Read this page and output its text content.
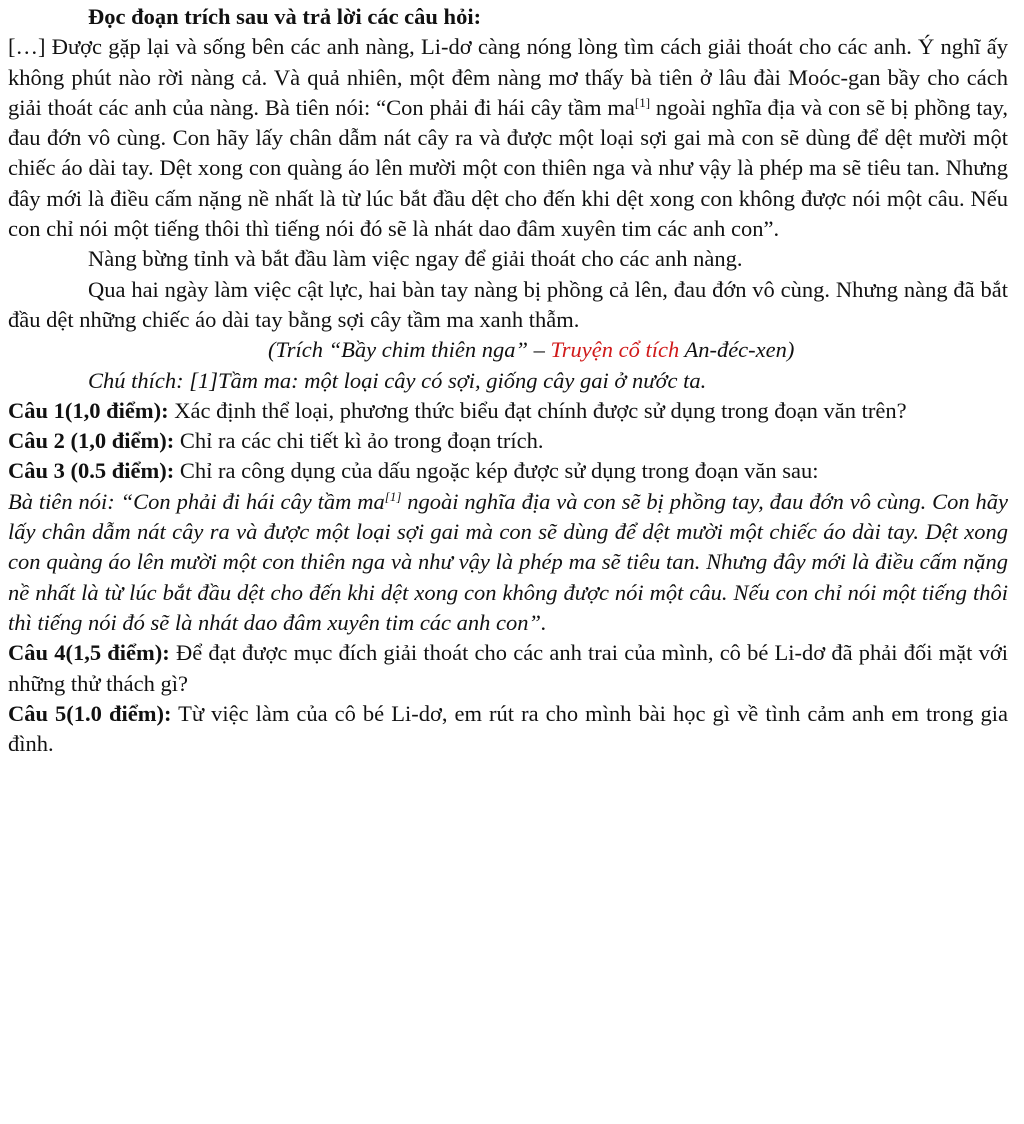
Đọc đoạn trích sau và trả lời các câu hỏi:

[…] Được gặp lại và sống bên các anh nàng, Li-dơ càng nóng lòng tìm cách giải thoát cho các anh. Ý nghĩ ấy không phút nào rời nàng cả. Và quả nhiên, một đêm nàng mơ thấy bà tiên ở lâu đài Moóc-gan bầy cho cách giải thoát các anh của nàng. Bà tiên nói: “Con phải đi hái cây tầm ma[1] ngoài nghĩa địa và con sẽ bị phồng tay, đau đớn vô cùng. Con hãy lấy chân dẫm nát cây ra và được một loại sợi gai mà con sẽ dùng để dệt mười một chiếc áo dài tay. Dệt xong con quàng áo lên mười một con thiên nga và như vậy là phép ma sẽ tiêu tan. Nhưng đây mới là điều cấm nặng nề nhất là từ lúc bắt đầu dệt cho đến khi dệt xong con không được nói một câu. Nếu con chỉ nói một tiếng thôi thì tiếng nói đó sẽ là nhát dao đâm xuyên tim các anh con”.

Nàng bừng tỉnh và bắt đầu làm việc ngay để giải thoát cho các anh nàng.

Qua hai ngày làm việc cật lực, hai bàn tay nàng bị phồng cả lên, đau đớn vô cùng. Nhưng nàng đã bắt đầu dệt những chiếc áo dài tay bằng sợi cây tầm ma xanh thẫm.

(Trích “Bầy chim thiên nga” – Truyện cổ tích An-đéc-xen)

Chú thích: [1]Tầm ma: một loại cây có sợi, giống cây gai ở nước ta.

Câu 1(1,0 điểm): Xác định thể loại, phương thức biểu đạt chính được sử dụng trong đoạn văn trên?

Câu 2 (1,0 điểm): Chỉ ra các chi tiết kì ảo trong đoạn trích.

Câu 3 (0.5 điểm): Chỉ ra công dụng của dấu ngoặc kép được sử dụng trong đoạn văn sau:

Bà tiên nói: “Con phải đi hái cây tầm ma[1] ngoài nghĩa địa và con sẽ bị phồng tay, đau đớn vô cùng. Con hãy lấy chân dẫm nát cây ra và được một loại sợi gai mà con sẽ dùng để dệt mười một chiếc áo dài tay. Dệt xong con quàng áo lên mười một con thiên nga và như vậy là phép ma sẽ tiêu tan. Nhưng đây mới là điều cấm nặng nề nhất là từ lúc bắt đầu dệt cho đến khi dệt xong con không được nói một câu. Nếu con chỉ nói một tiếng thôi thì tiếng nói đó sẽ là nhát dao đâm xuyên tim các anh con”.

Câu 4(1,5 điểm): Để đạt được mục đích giải thoát cho các anh trai của mình, cô bé Li-dơ đã phải đối mặt với những thử thách gì?

Câu 5(1.0 điểm): Từ việc làm của cô bé Li-dơ, em rút ra cho mình bài học gì về tình cảm anh em trong gia đình.
